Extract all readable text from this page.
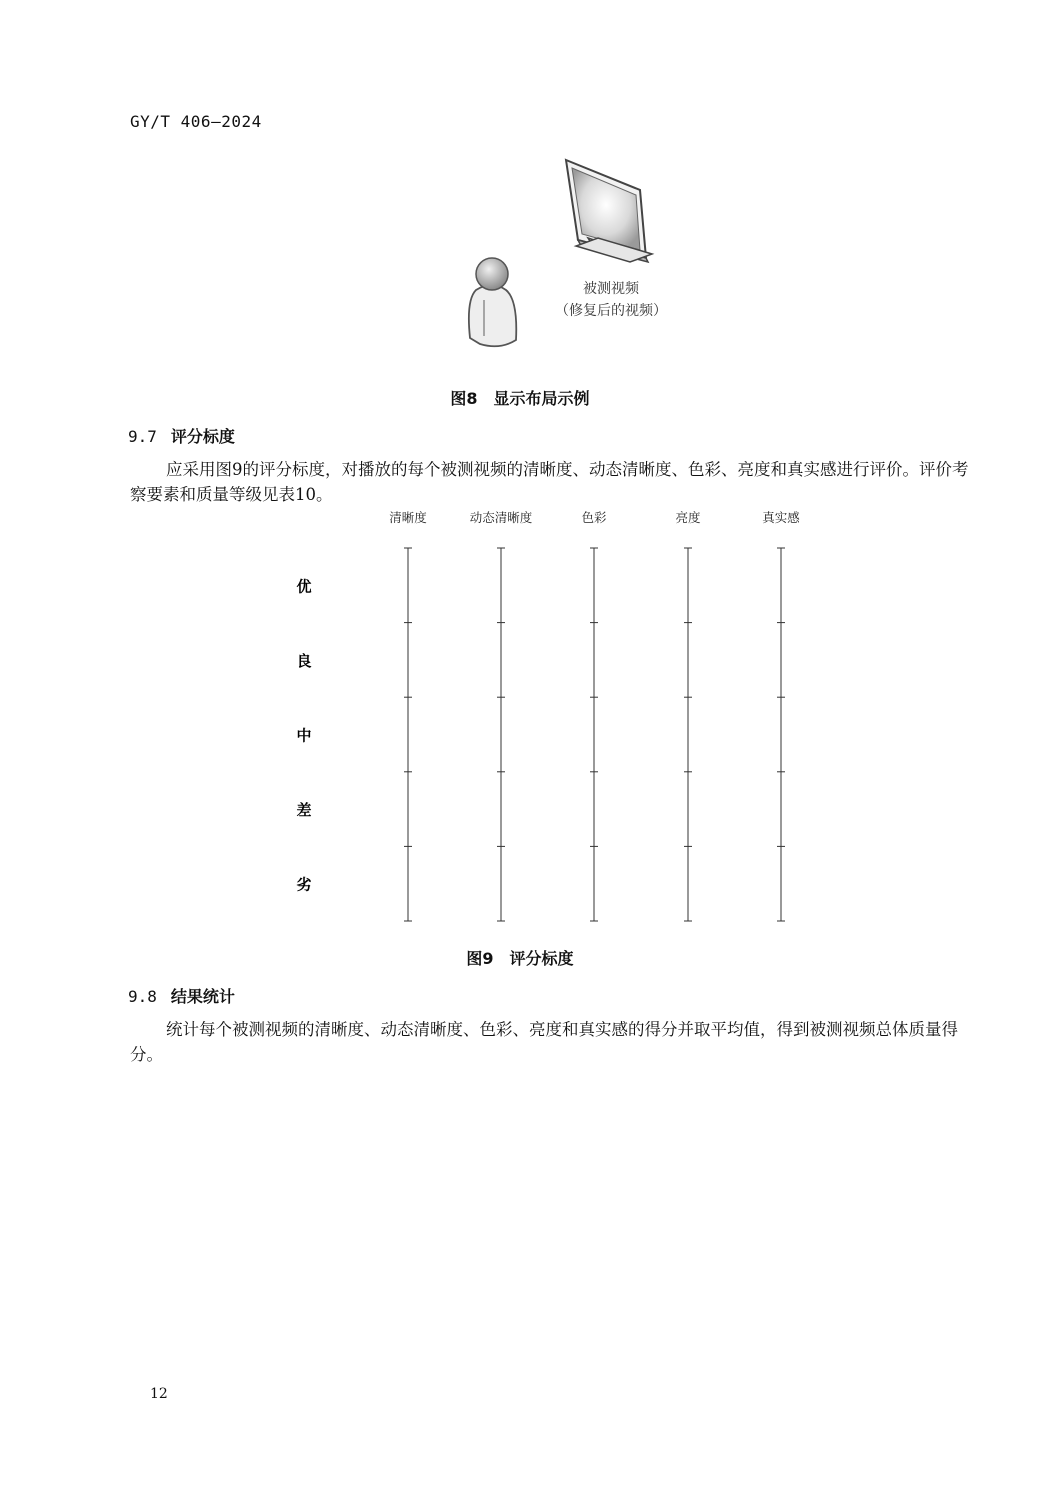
GY/T 406—2024
被测视频
（修复后的视频）
图8　显示布局示例
9.7 评分标度
应采用图9的评分标度，对播放的每个被测视频的清晰度、动态清晰度、色彩、亮度和真实感进行评价。评价考察要素和质量等级见表10。
清晰度	动态清晰度	色彩	亮度	真实感
优
良
中
差
劣
图9　评分标度
9.8 结果统计
统计每个被测视频的清晰度、动态清晰度、色彩、亮度和真实感的得分并取平均值，得到被测视频总体质量得分。
12
